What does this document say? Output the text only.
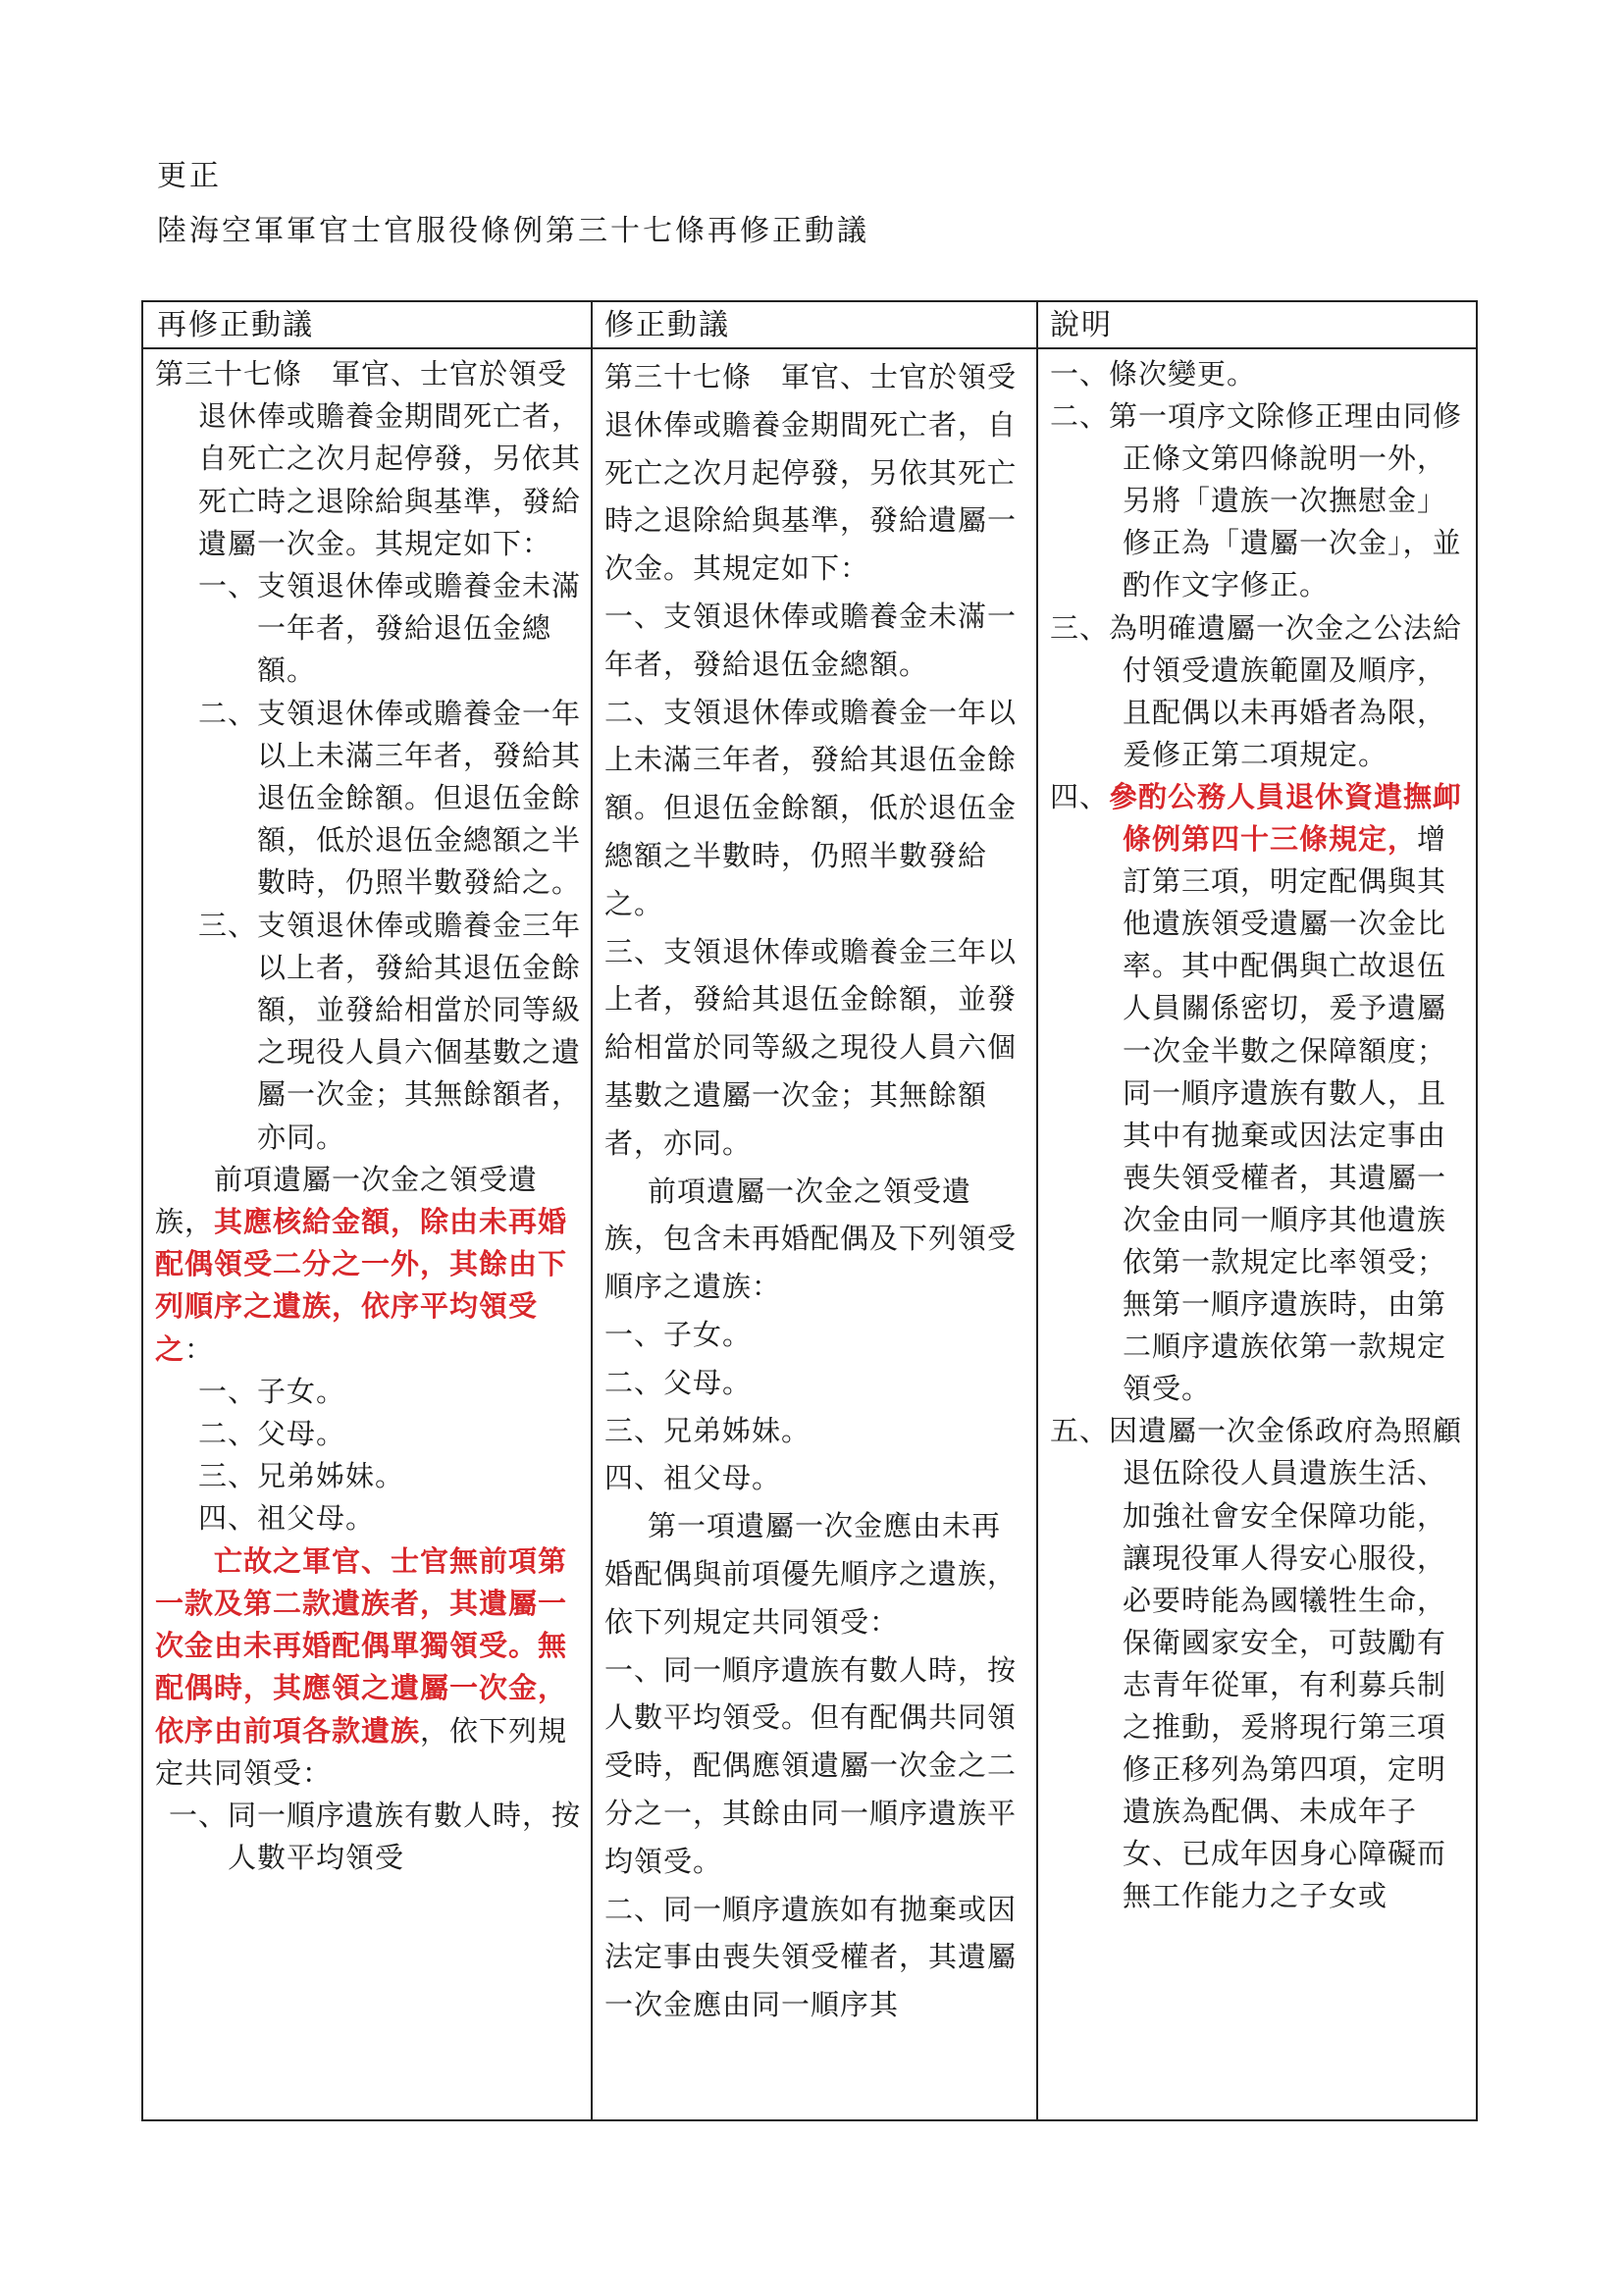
更正
陸海空軍軍官士官服役條例第三十七條再修正動議
再修正動議	修正動議	說明

第三十七條　軍官、士官於領受退休俸或贍養金期間死亡者，自死亡之次月起停發，另依其死亡時之退除給與基準，發給遺屬一次金。其規定如下：

一、支領退休俸或贍養金未滿一年者，發給退伍金總額。

二、支領退休俸或贍養金一年以上未滿三年者，發給其退伍金餘額。但退伍金餘額，低於退伍金總額之半數時，仍照半數發給之。

三、支領退休俸或贍養金三年以上者，發給其退伍金餘額，並發給相當於同等級之現役人員六個基數之遺屬一次金；其無餘額者，亦同。

前項遺屬一次金之領受遺族，其應核給金額，除由未再婚配偶領受二分之一外，其餘由下列順序之遺族，依序平均領受之：

一、子女。

二、父母。

三、兄弟姊妹。

四、祖父母。

亡故之軍官、士官無前項第一款及第二款遺族者，其遺屬一次金由未再婚配偶單獨領受。無配偶時，其應領之遺屬一次金，依序由前項各款遺族，依下列規定共同領受：

一、同一順序遺族有數人時，按人數平均領受

第三十七條　軍官、士官於領受退休俸或贍養金期間死亡者，自死亡之次月起停發，另依其死亡時之退除給與基準，發給遺屬一次金。其規定如下：

一、支領退休俸或贍養金未滿一年者，發給退伍金總額。

二、支領退休俸或贍養金一年以上未滿三年者，發給其退伍金餘額。但退伍金餘額，低於退伍金總額之半數時，仍照半數發給之。

三、支領退休俸或贍養金三年以上者，發給其退伍金餘額，並發給相當於同等級之現役人員六個基數之遺屬一次金；其無餘額者，亦同。

前項遺屬一次金之領受遺族，包含未再婚配偶及下列領受順序之遺族：

一、子女。

二、父母。

三、兄弟姊妹。

四、祖父母。

第一項遺屬一次金應由未再婚配偶與前項優先順序之遺族，依下列規定共同領受：

一、同一順序遺族有數人時，按人數平均領受。但有配偶共同領受時，配偶應領遺屬一次金之二分之一，其餘由同一順序遺族平均領受。

二、同一順序遺族如有拋棄或因法定事由喪失領受權者，其遺屬一次金應由同一順序其

一、條次變更。

二、第一項序文除修正理由同修正條文第四條說明一外，另將「遺族一次撫慰金」修正為「遺屬一次金」，並酌作文字修正。

三、為明確遺屬一次金之公法給付領受遺族範圍及順序，且配偶以未再婚者為限，爰修正第二項規定。

四、參酌公務人員退休資遣撫卹條例第四十三條規定，增訂第三項，明定配偶與其他遺族領受遺屬一次金比率。其中配偶與亡故退伍人員關係密切，爰予遺屬一次金半數之保障額度；同一順序遺族有數人，且其中有拋棄或因法定事由喪失領受權者，其遺屬一次金由同一順序其他遺族依第一款規定比率領受；無第一順序遺族時，由第二順序遺族依第一款規定領受。

五、因遺屬一次金係政府為照顧退伍除役人員遺族生活、加強社會安全保障功能，讓現役軍人得安心服役，必要時能為國犧牲生命，保衛國家安全，可鼓勵有志青年從軍，有利募兵制之推動，爰將現行第三項修正移列為第四項，定明遺族為配偶、未成年子女、已成年因身心障礙而無工作能力之子女或
